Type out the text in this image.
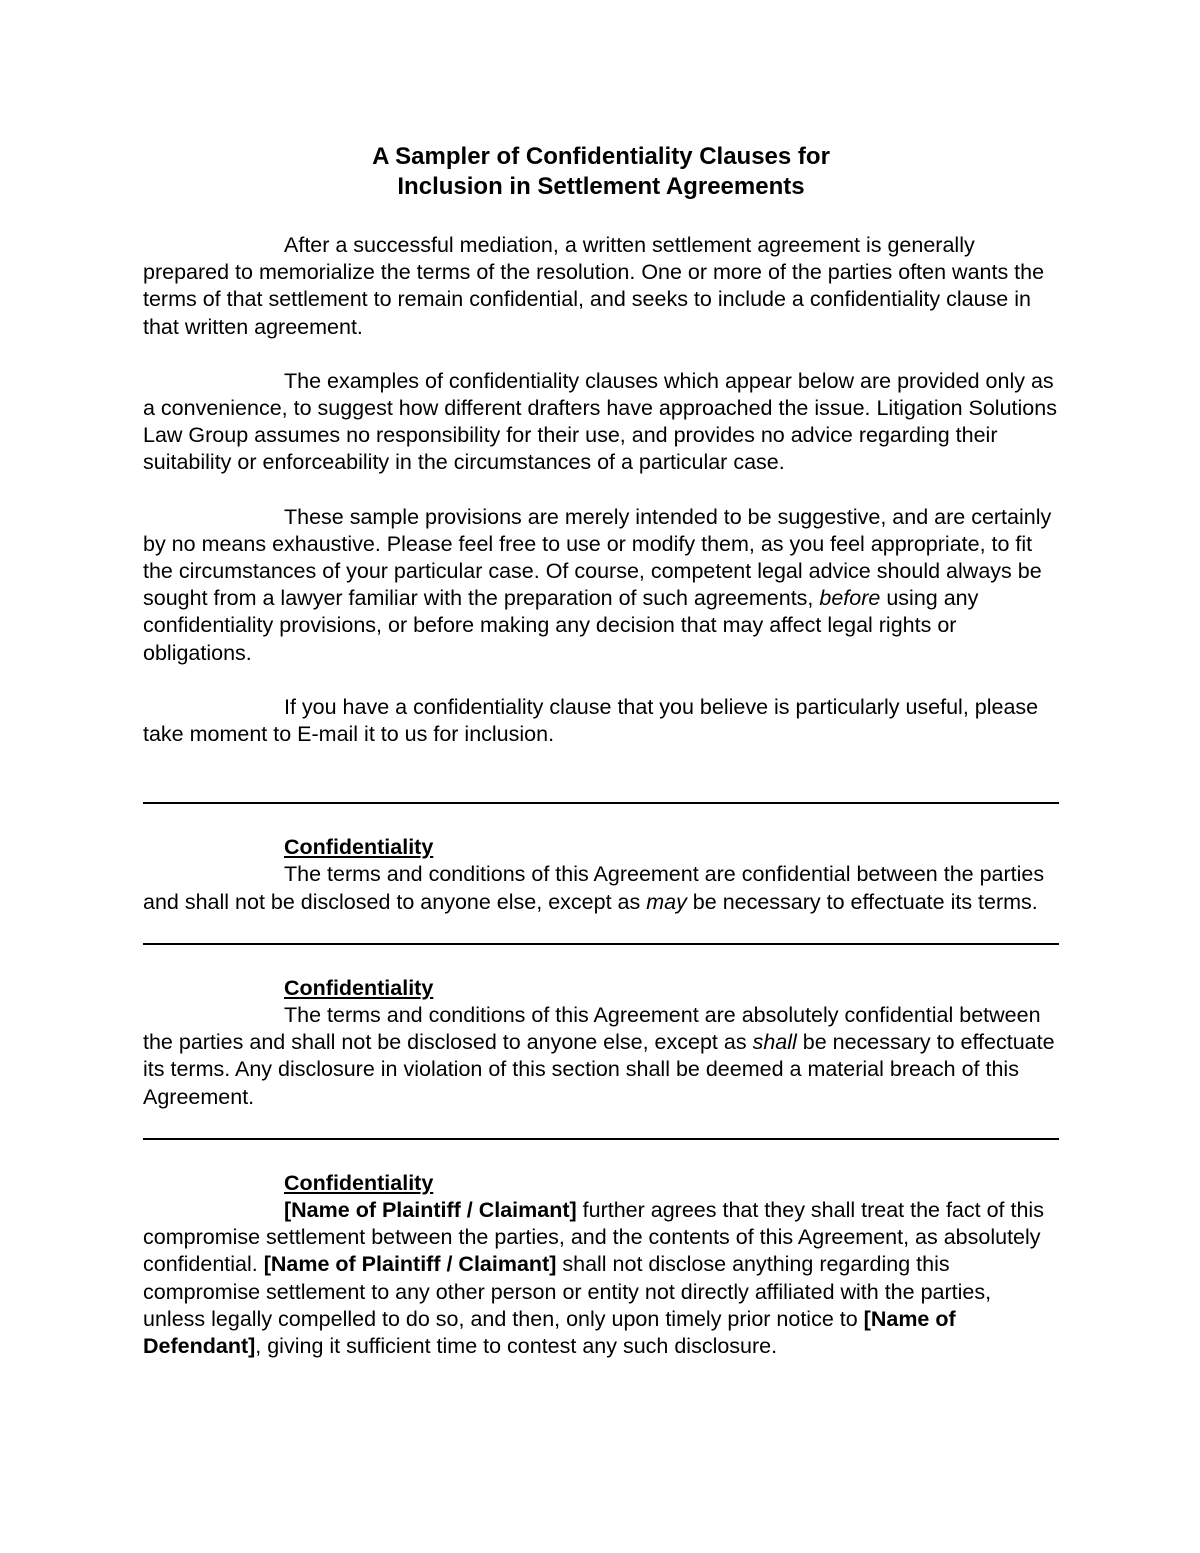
A Sampler of Confidentiality Clauses for
Inclusion in Settlement Agreements

After a successful mediation, a written settlement agreement is generally prepared to memorialize the terms of the resolution. One or more of the parties often wants the terms of that settlement to remain confidential, and seeks to include a confidentiality clause in that written agreement.

The examples of confidentiality clauses which appear below are provided only as a convenience, to suggest how different drafters have approached the issue. Litigation Solutions Law Group assumes no responsibility for their use, and provides no advice regarding their suitability or enforceability in the circumstances of a particular case.

These sample provisions are merely intended to be suggestive, and are certainly by no means exhaustive. Please feel free to use or modify them, as you feel appropriate, to fit the circumstances of your particular case. Of course, competent legal advice should always be sought from a lawyer familiar with the preparation of such agreements, before using any confidentiality provisions, or before making any decision that may affect legal rights or obligations.

If you have a confidentiality clause that you believe is particularly useful, please take moment to E-mail it to us for inclusion.

Confidentiality

The terms and conditions of this Agreement are confidential between the parties and shall not be disclosed to anyone else, except as may be necessary to effectuate its terms.

Confidentiality

The terms and conditions of this Agreement are absolutely confidential between the parties and shall not be disclosed to anyone else, except as shall be necessary to effectuate its terms. Any disclosure in violation of this section shall be deemed a material breach of this Agreement.

Confidentiality

[Name of Plaintiff / Claimant] further agrees that they shall treat the fact of this compromise settlement between the parties, and the contents of this Agreement, as absolutely confidential. [Name of Plaintiff / Claimant] shall not disclose anything regarding this compromise settlement to any other person or entity not directly affiliated with the parties, unless legally compelled to do so, and then, only upon timely prior notice to [Name of Defendant], giving it sufficient time to contest any such disclosure.
